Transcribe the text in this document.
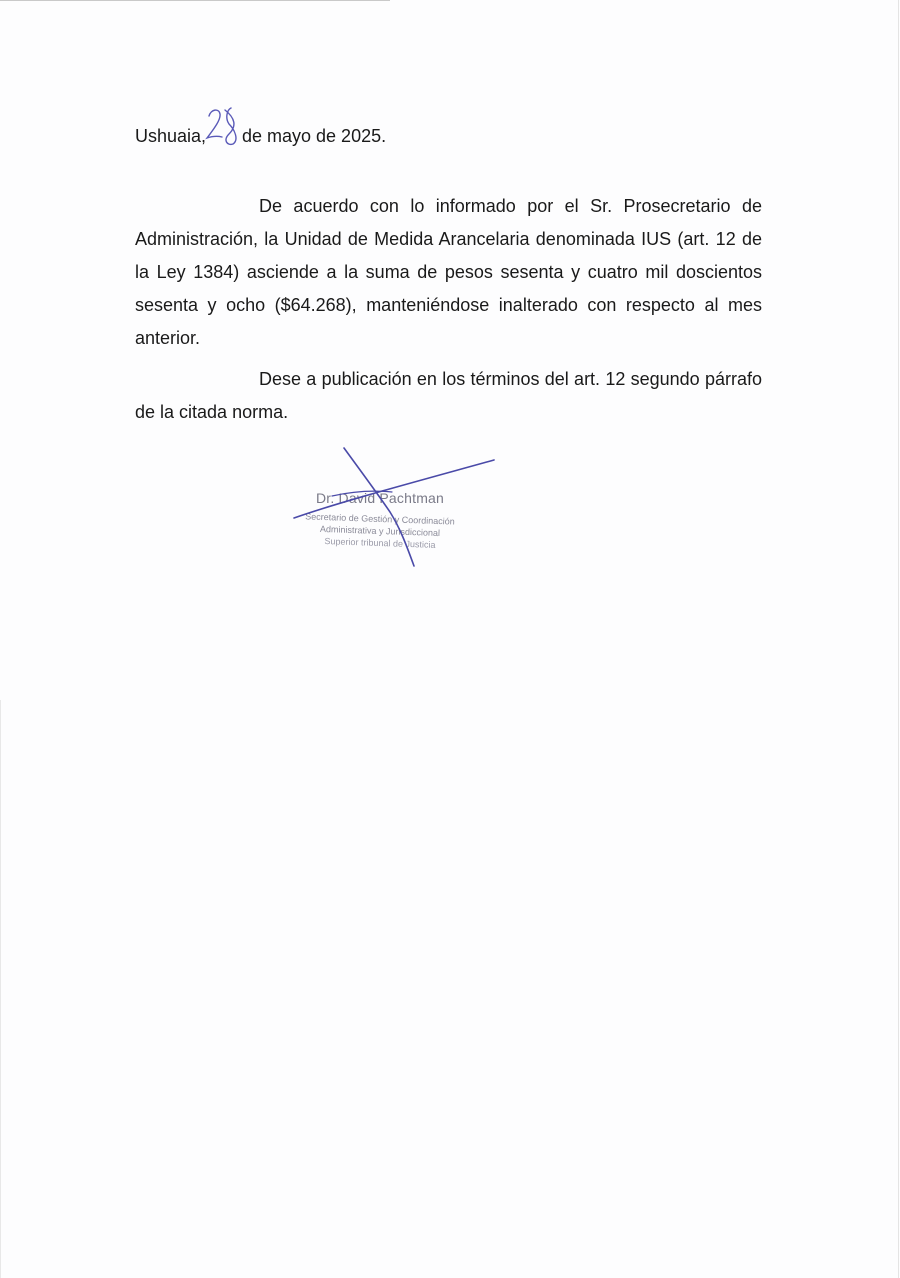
Ushuaia, de mayo de 2025.
De acuerdo con lo informado por el Sr. Prosecretario de Administración, la Unidad de Medida Arancelaria denominada IUS (art. 12 de la Ley 1384) asciende a la suma de pesos sesenta y cuatro mil doscientos sesenta y ocho ($64.268), manteniéndose inalterado con respecto al mes anterior.
Dese a publicación en los términos del art. 12 segundo párrafo de la citada norma.
Dr. David Pachtman
Secretario de Gestión y Coordinación
Administrativa y Jurisdiccional
Superior tribunal de Justicia
